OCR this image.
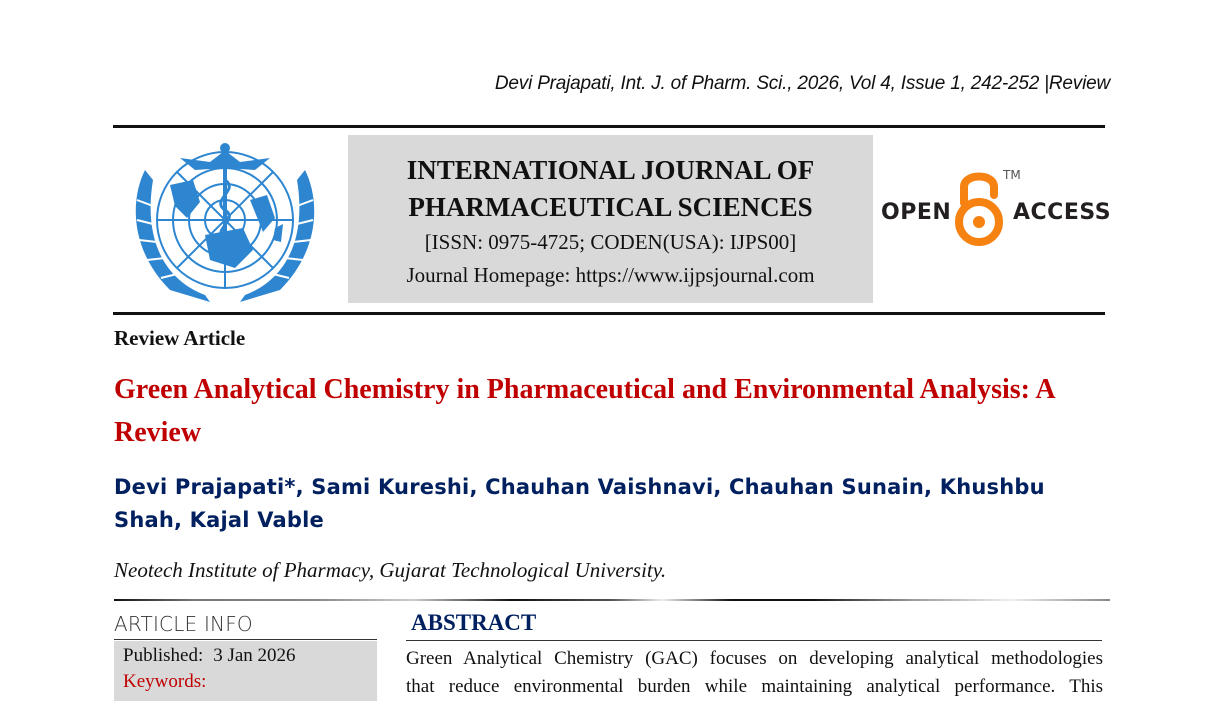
Devi Prajapati, Int. J. of Pharm. Sci., 2026, Vol 4, Issue 1, 242-252 |Review
INTERNATIONAL JOURNAL OF
PHARMACEUTICAL SCIENCES
[ISSN: 0975-4725; CODEN(USA): IJPS00]
Journal Homepage: https://www.ijpsjournal.com
OPEN
TM
ACCESS
Review Article
Green Analytical Chemistry in Pharmaceutical and Environmental Analysis: A Review
Devi Prajapati*, Sami Kureshi, Chauhan Vaishnavi, Chauhan Sunain, Khushbu Shah, Kajal Vable
Neotech Institute of Pharmacy, Gujarat Technological University.
ARTICLE INFO
Published: 3 Jan 2026
Keywords:
ABSTRACT
Green Analytical Chemistry (GAC) focuses on developing analytical methodologies
that reduce environmental burden while maintaining analytical performance. This
